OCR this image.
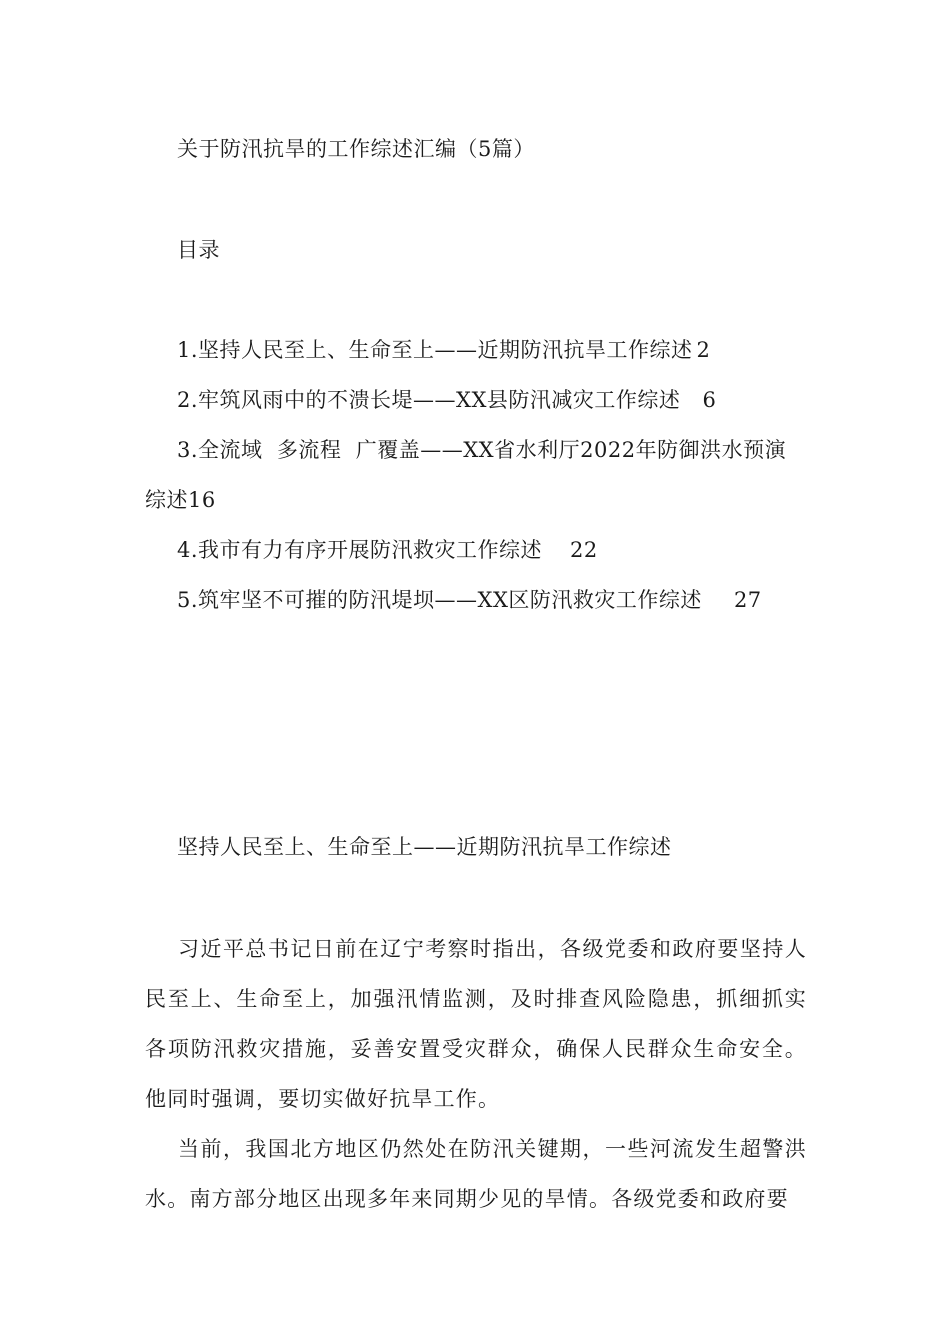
关于防汛抗旱的工作综述汇编（5篇）
目录
1.坚持人民至上、生命至上——近期防汛抗旱工作综述 2
2.牢筑风雨中的不溃长堤——XX县防汛减灾工作综述 6
3.全流域  多流程  广覆盖——XX省水利厅2022年防御洪水预演
综述16
4.我市有力有序开展防汛救灾工作综述 22
5.筑牢坚不可摧的防汛堤坝——XX区防汛救灾工作综述 27
坚持人民至上、生命至上——近期防汛抗旱工作综述

习近平总书记日前在辽宁考察时指出，各级党委和政府要坚持人民至上、生命至上，加强汛情监测，及时排查风险隐患，抓细抓实各项防汛救灾措施，妥善安置受灾群众，确保人民群众生命安全。他同时强调，要切实做好抗旱工作。

当前，我国北方地区仍然处在防汛关键期，一些河流发生超警洪水。南方部分地区出现多年来同期少见的旱情。各级党委和政府要
